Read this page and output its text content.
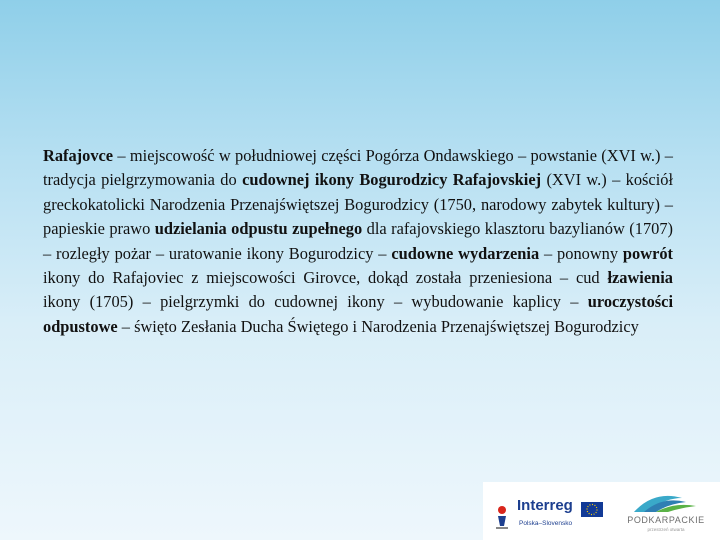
Rafajovce – miejscowość w południowej części Pogórza Ondawskiego – powstanie (XVI w.) – tradycja pielgrzymowania do cudownej ikony Bogurodzicy Rafajovskiej (XVI w.) – kościół greckokatolicki Narodzenia Przenajświętszej Bogurodzicy (1750, narodowy zabytek kultury) – papieskie prawo udzielania odpustu zupełnego dla rafajovskiego klasztoru bazylianów (1707) – rozległy pożar – uratowanie ikony Bogurodzicy – cudowne wydarzenia – ponowny powrót ikony do Rafajoviec z miejscowości Girovce, dokąd została przeniesiona – cud łzawienia ikony (1705) – pielgrzymki do cudownej ikony – wybudowanie kaplicy – uroczystości odpustowe – święto Zesłania Ducha Świętego i Narodzenia Przenajświętszej Bogurodzicy
Interreg
Polska–Slovensko	PODKARPACKIE
przestrzeń otwarta
